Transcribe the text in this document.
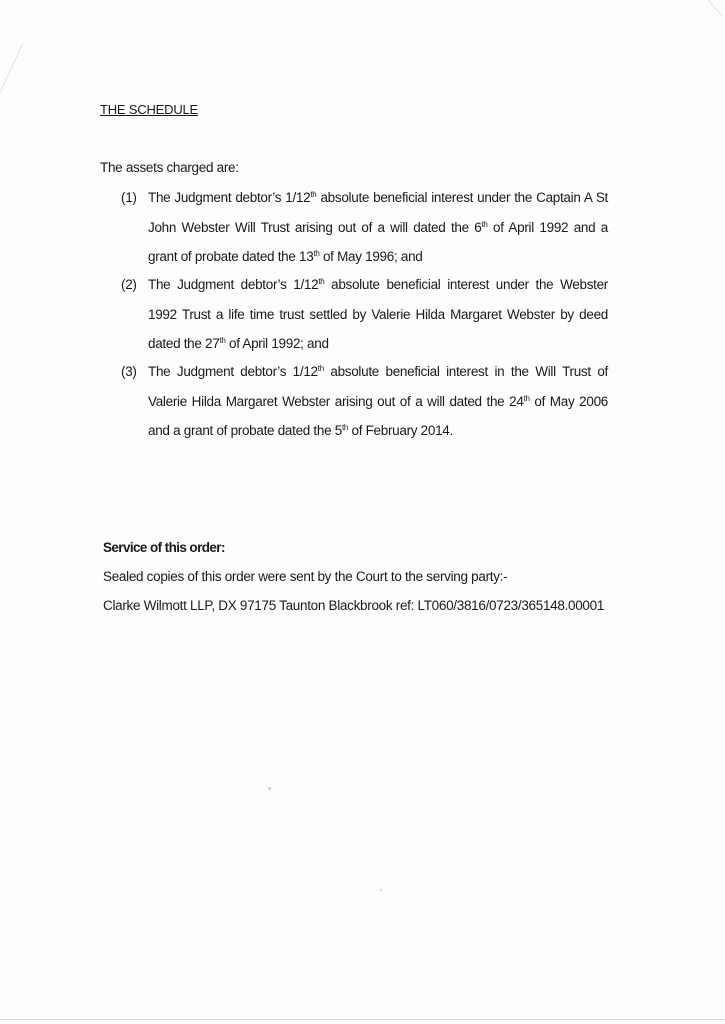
THE SCHEDULE
The assets charged are:
(1) The Judgment debtor’s 1/12th absolute beneficial interest under the Captain A St John Webster Will Trust arising out of a will dated the 6th of April 1992 and a grant of probate dated the 13th of May 1996; and
(2) The Judgment debtor’s 1/12th absolute beneficial interest under the Webster 1992 Trust a life time trust settled by Valerie Hilda Margaret Webster by deed dated the 27th of April 1992; and
(3) The Judgment debtor’s 1/12th absolute beneficial interest in the Will Trust of Valerie Hilda Margaret Webster arising out of a will dated the 24th of May 2006 and a grant of probate dated the 5th of February 2014.
Service of this order:
Sealed copies of this order were sent by the Court to the serving party:-
Clarke Wilmott LLP, DX 97175 Taunton Blackbrook ref: LT060/3816/0723/365148.00001
